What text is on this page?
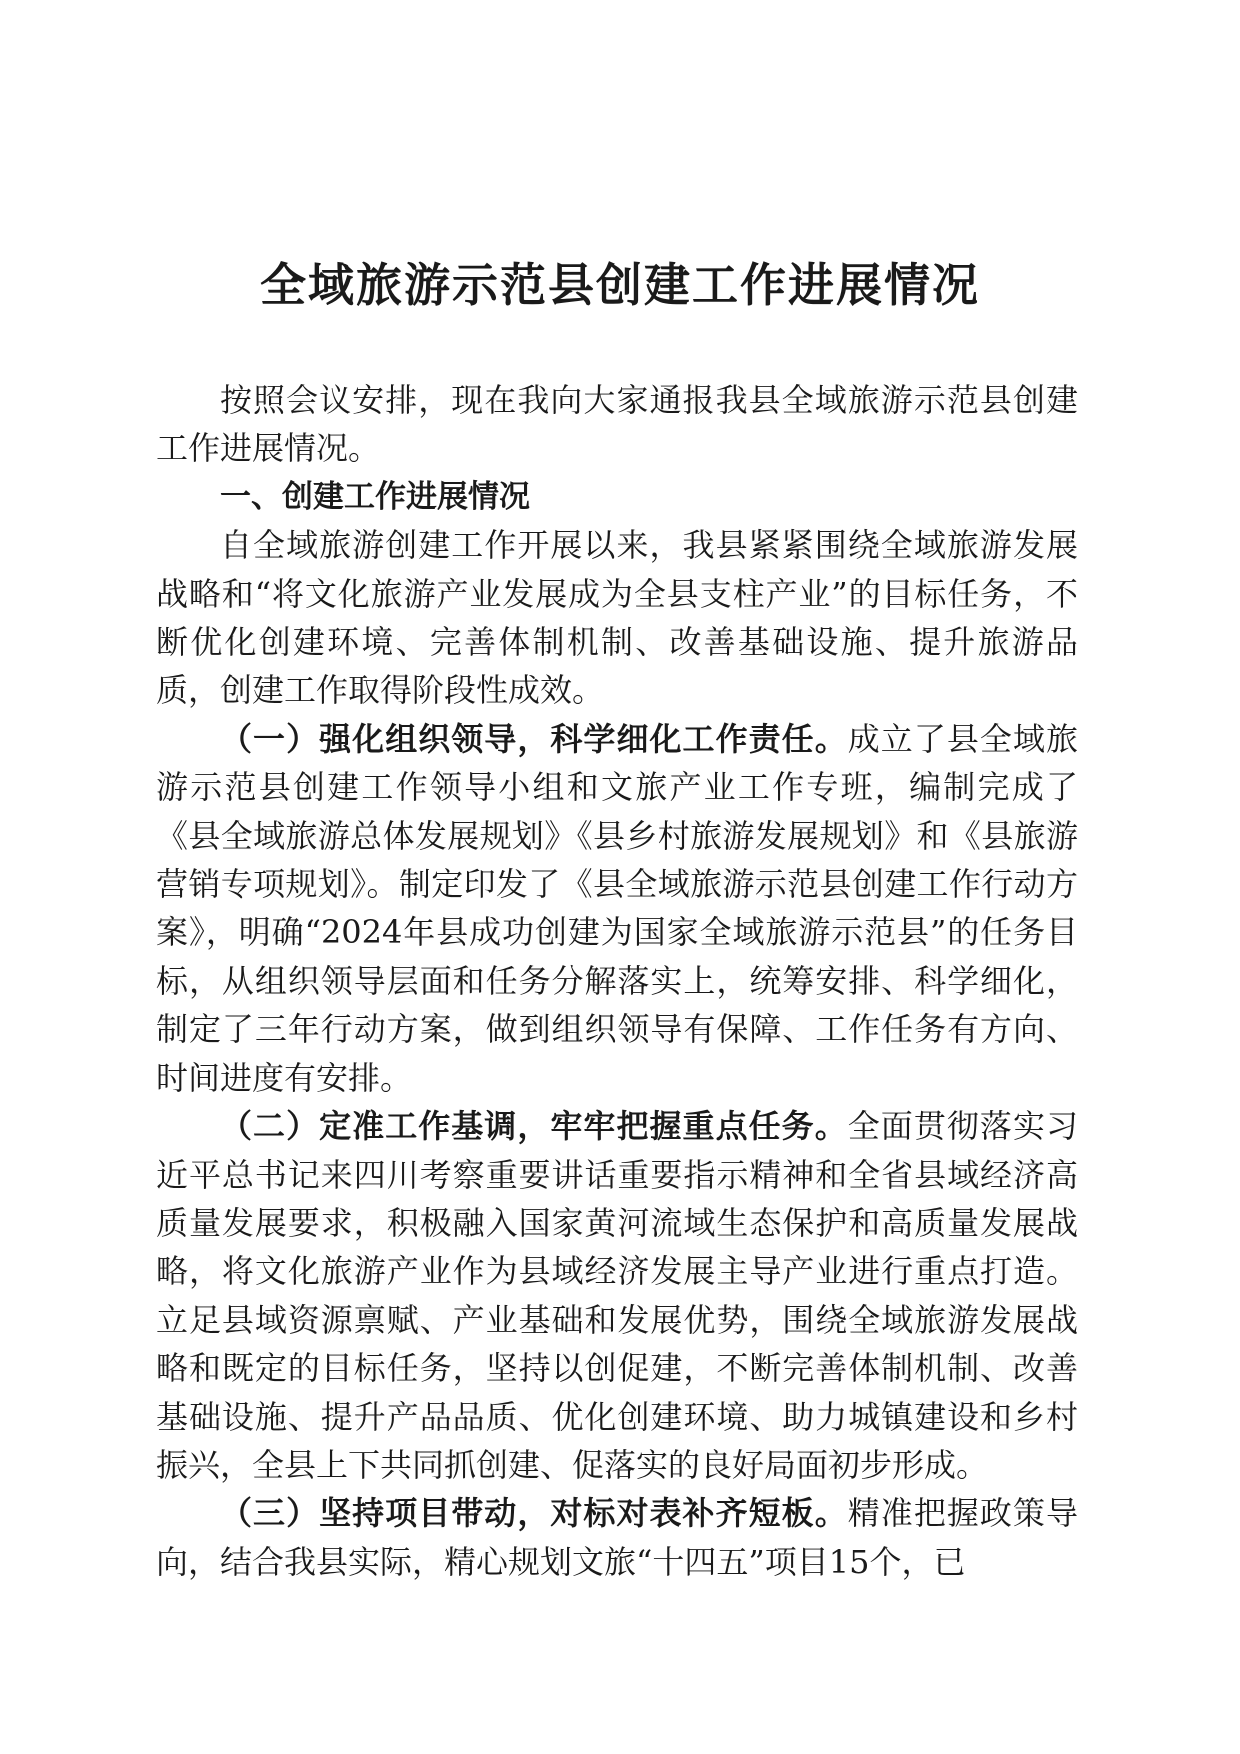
全域旅游示范县创建工作进展情况

按照会议安排，现在我向大家通报我县全域旅游示范县创建工作进展情况。

一、创建工作进展情况

自全域旅游创建工作开展以来，我县紧紧围绕全域旅游发展战略和“将文化旅游产业发展成为全县支柱产业”的目标任务，不断优化创建环境、完善体制机制、改善基础设施、提升旅游品质，创建工作取得阶段性成效。

（一）强化组织领导，科学细化工作责任。成立了县全域旅游示范县创建工作领导小组和文旅产业工作专班，编制完成了《县全域旅游总体发展规划》《县乡村旅游发展规划》和《县旅游营销专项规划》。制定印发了《县全域旅游示范县创建工作行动方案》，明确“2024年县成功创建为国家全域旅游示范县”的任务目标，从组织领导层面和任务分解落实上，统筹安排、科学细化，制定了三年行动方案，做到组织领导有保障、工作任务有方向、时间进度有安排。

（二）定准工作基调，牢牢把握重点任务。全面贯彻落实习近平总书记来四川考察重要讲话重要指示精神和全省县域经济高质量发展要求，积极融入国家黄河流域生态保护和高质量发展战略，将文化旅游产业作为县域经济发展主导产业进行重点打造。立足县域资源禀赋、产业基础和发展优势，围绕全域旅游发展战略和既定的目标任务，坚持以创促建，不断完善体制机制、改善基础设施、提升产品品质、优化创建环境、助力城镇建设和乡村振兴，全县上下共同抓创建、促落实的良好局面初步形成。

（三）坚持项目带动，对标对表补齐短板。精准把握政策导向，结合我县实际，精心规划文旅“十四五”项目15个，已
